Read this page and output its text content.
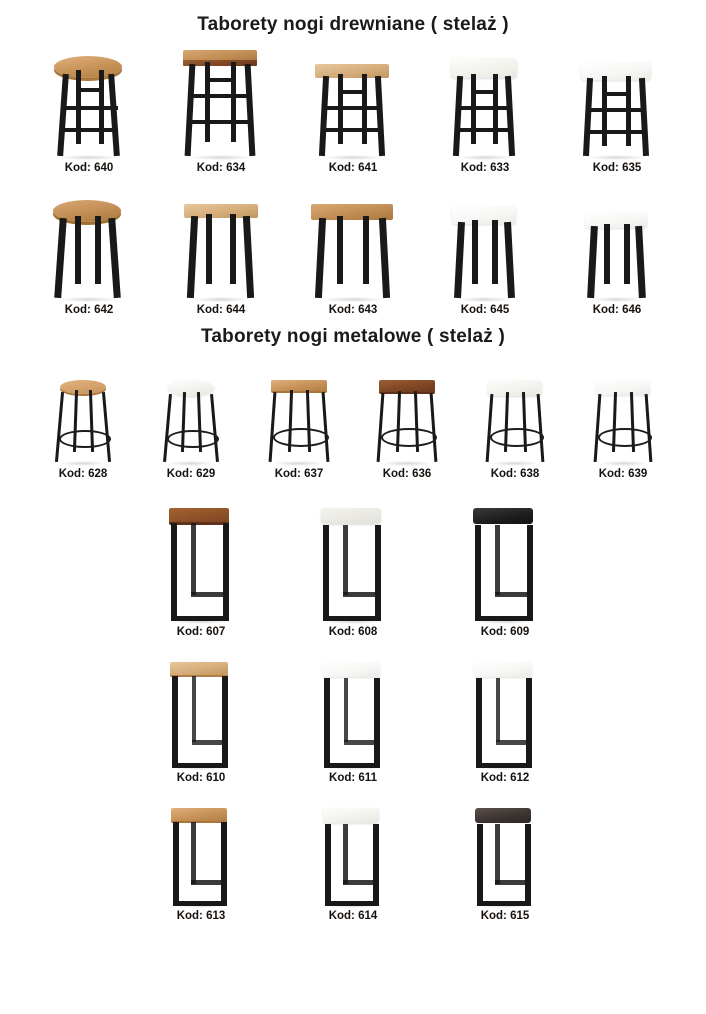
Taborety nogi drewniane ( stelaż )
Kod: 640	Kod: 634	Kod: 641	Kod: 633	Kod: 635
Kod: 642	Kod: 644	Kod: 643	Kod: 645	Kod: 646
Taborety nogi metalowe ( stelaż )
Kod: 628	Kod: 629	Kod: 637	Kod: 636	Kod: 638	Kod: 639
Kod: 607	Kod: 608	Kod: 609
Kod: 610	Kod: 611	Kod: 612
Kod: 613	Kod: 614	Kod: 615
